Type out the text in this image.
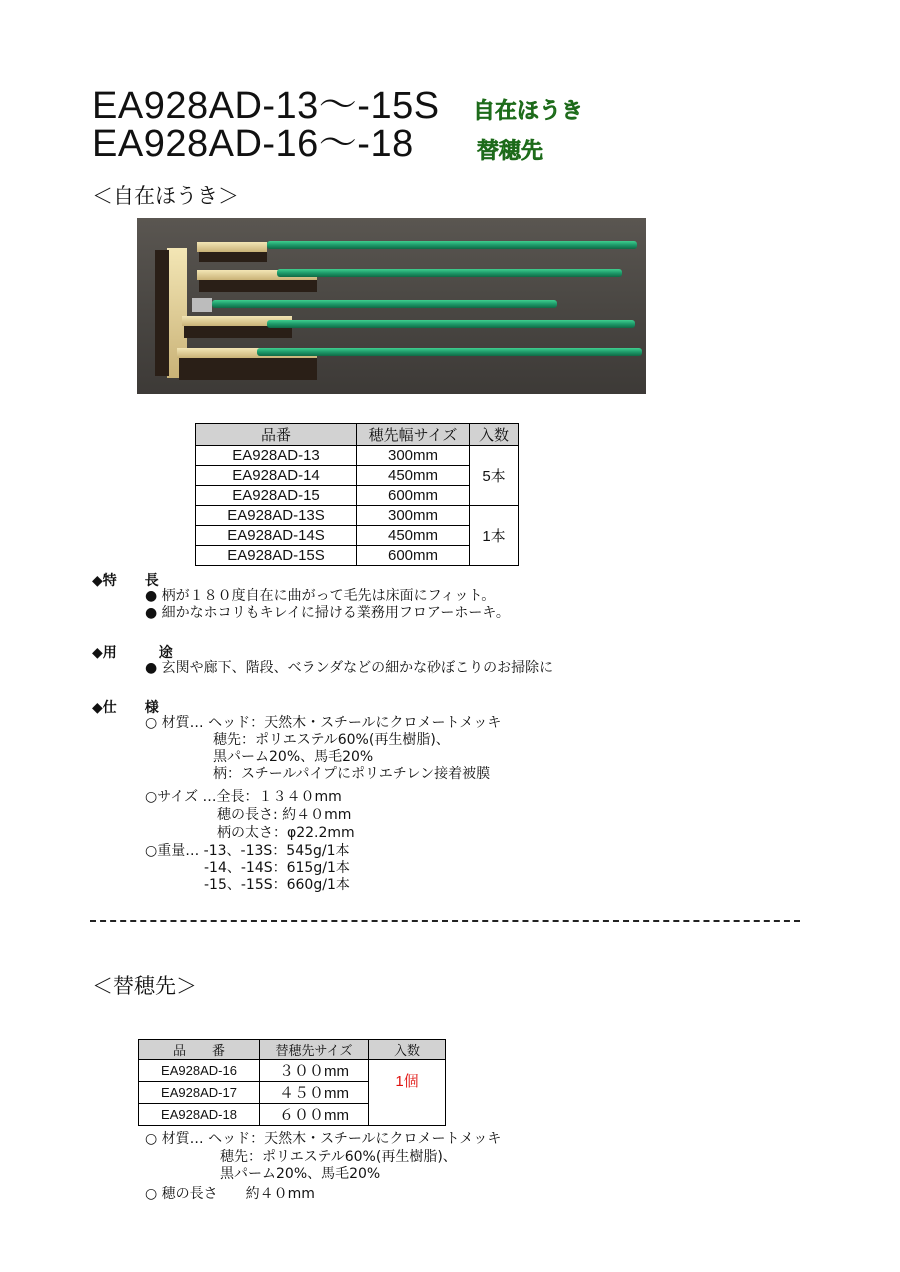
EA928AD-13～-15S
EA928AD-16～-18
自在ほうき
替穂先
＜自在ほうき＞
品番	穂先幅サイズ	入数
EA928AD-13	300mm	5本
EA928AD-14	450mm	
EA928AD-15	600mm	
EA928AD-13S	300mm	1本
EA928AD-14S	450mm	
EA928AD-15S	600mm	
◆特　　長
● 柄が１８０度自在に曲がって毛先は床面にフィット。
● 細かなホコリもキレイに掃ける業務用フロアーホーキ。
◆用　　　途
● 玄関や廊下、階段、ベランダなどの細かな砂ぼこりのお掃除に
◆仕　　様
○ 材質… ヘッド：天然木・スチールにクロメートメッキ
穂先：ポリエステル60%(再生樹脂)、
黒パーム20%、馬毛20%
柄：スチールパイプにポリエチレン接着被膜
○サイズ …全長：１３４０mm
穂の長さ: 約４０mm
柄の太さ：φ22.2mm
○重量… -13、-13S：545g/1本
-14、-14S：615g/1本
-15、-15S：660g/1本
＜替穂先＞
品　　番	替穂先サイズ	入数
EA928AD-16	３００mm	1個
EA928AD-17	４５０mm	
EA928AD-18	６００mm	
○ 材質… ヘッド：天然木・スチールにクロメートメッキ
穂先：ポリエステル60%(再生樹脂)、
黒パーム20%、馬毛20%
○ 穂の長さ　　約４０mm
